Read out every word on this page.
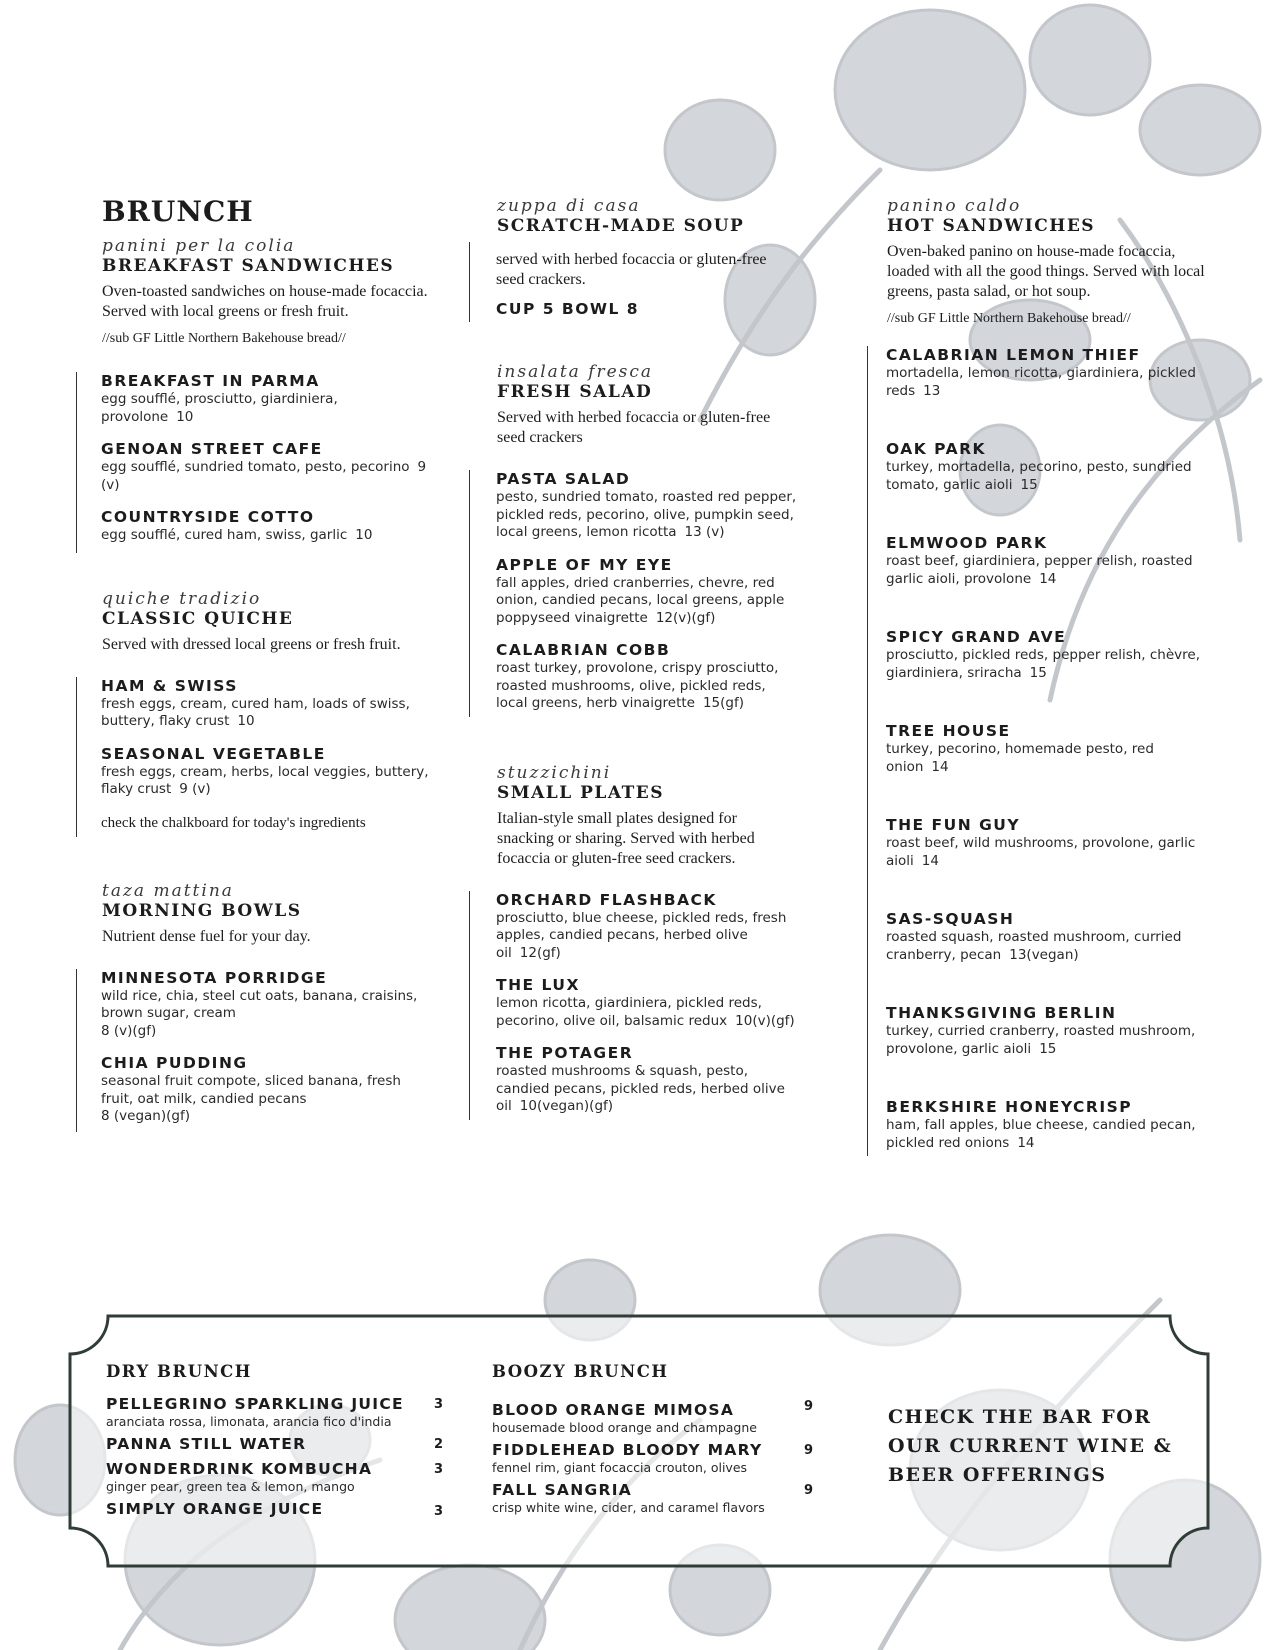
BRUNCH
panini per la colia
BREAKFAST SANDWICHES
Oven-toasted sandwiches on house-made focaccia. Served with local greens or fresh fruit.
//sub GF Little Northern Bakehouse bread//
BREAKFAST IN PARMA
egg soufflé, prosciutto, giardiniera, provolone 10
GENOAN STREET CAFE
egg soufflé, sundried tomato, pesto, pecorino 9 (v)
COUNTRYSIDE COTTO
egg soufflé, cured ham, swiss, garlic 10
quiche tradizio
CLASSIC QUICHE
Served with dressed local greens or fresh fruit.
HAM & SWISS
fresh eggs, cream, cured ham, loads of swiss, buttery, flaky crust 10
SEASONAL VEGETABLE
fresh eggs, cream, herbs, local veggies, buttery, flaky crust 9 (v)
check the chalkboard for today's ingredients
taza mattina
MORNING BOWLS
Nutrient dense fuel for your day.
MINNESOTA PORRIDGE
wild rice, chia, steel cut oats, banana, craisins, brown sugar, cream
8 (v)(gf)
CHIA PUDDING
seasonal fruit compote, sliced banana, fresh fruit, oat milk, candied pecans
8 (vegan)(gf)
zuppa di casa
SCRATCH-MADE SOUP
served with herbed focaccia or gluten-free seed crackers.
CUP 5 BOWL 8
insalata fresca
FRESH SALAD
Served with herbed focaccia or gluten-free seed crackers
PASTA SALAD
pesto, sundried tomato, roasted red pepper, pickled reds, pecorino, olive, pumpkin seed, local greens, lemon ricotta 13 (v)
APPLE OF MY EYE
fall apples, dried cranberries, chevre, red onion, candied pecans, local greens, apple poppyseed vinaigrette 12(v)(gf)
CALABRIAN COBB
roast turkey, provolone, crispy prosciutto, roasted mushrooms, olive, pickled reds, local greens, herb vinaigrette 15(gf)
stuzzichini
SMALL PLATES
Italian-style small plates designed for snacking or sharing. Served with herbed focaccia or gluten-free seed crackers.
ORCHARD FLASHBACK
prosciutto, blue cheese, pickled reds, fresh apples, candied pecans, herbed olive oil 12(gf)
THE LUX
lemon ricotta, giardiniera, pickled reds, pecorino, olive oil, balsamic redux 10(v)(gf)
THE POTAGER
roasted mushrooms & squash, pesto, candied pecans, pickled reds, herbed olive oil 10(vegan)(gf)
panino caldo
HOT SANDWICHES
Oven-baked panino on house-made focaccia, loaded with all the good things. Served with local greens, pasta salad, or hot soup.
//sub GF Little Northern Bakehouse bread//
CALABRIAN LEMON THIEF
mortadella, lemon ricotta, giardiniera, pickled reds 13
OAK PARK
turkey, mortadella, pecorino, pesto, sundried tomato, garlic aioli 15
ELMWOOD PARK
roast beef, giardiniera, pepper relish, roasted garlic aioli, provolone 14
SPICY GRAND AVE
prosciutto, pickled reds, pepper relish, chèvre, giardiniera, sriracha 15
TREE HOUSE
turkey, pecorino, homemade pesto, red onion 14
THE FUN GUY
roast beef, wild mushrooms, provolone, garlic aioli 14
SAS-SQUASH
roasted squash, roasted mushroom, curried cranberry, pecan 13(vegan)
THANKSGIVING BERLIN
turkey, curried cranberry, roasted mushroom, provolone, garlic aioli 15
BERKSHIRE HONEYCRISP
ham, fall apples, blue cheese, candied pecan, pickled red onions 14
DRY BRUNCH
PELLEGRINO SPARKLING JUICE
aranciata rossa, limonata, arancia fico d'india
3
PANNA STILL WATER	2
WONDERDRINK KOMBUCHA
ginger pear, green tea & lemon, mango
3
SIMPLY ORANGE JUICE	3
BOOZY BRUNCH
BLOOD ORANGE MIMOSA
housemade blood orange and champagne
9
FIDDLEHEAD BLOODY MARY
fennel rim, giant focaccia crouton, olives
9
FALL SANGRIA
crisp white wine, cider, and caramel flavors
9
CHECK THE BAR FOR OUR CURRENT WINE & BEER OFFERINGS
